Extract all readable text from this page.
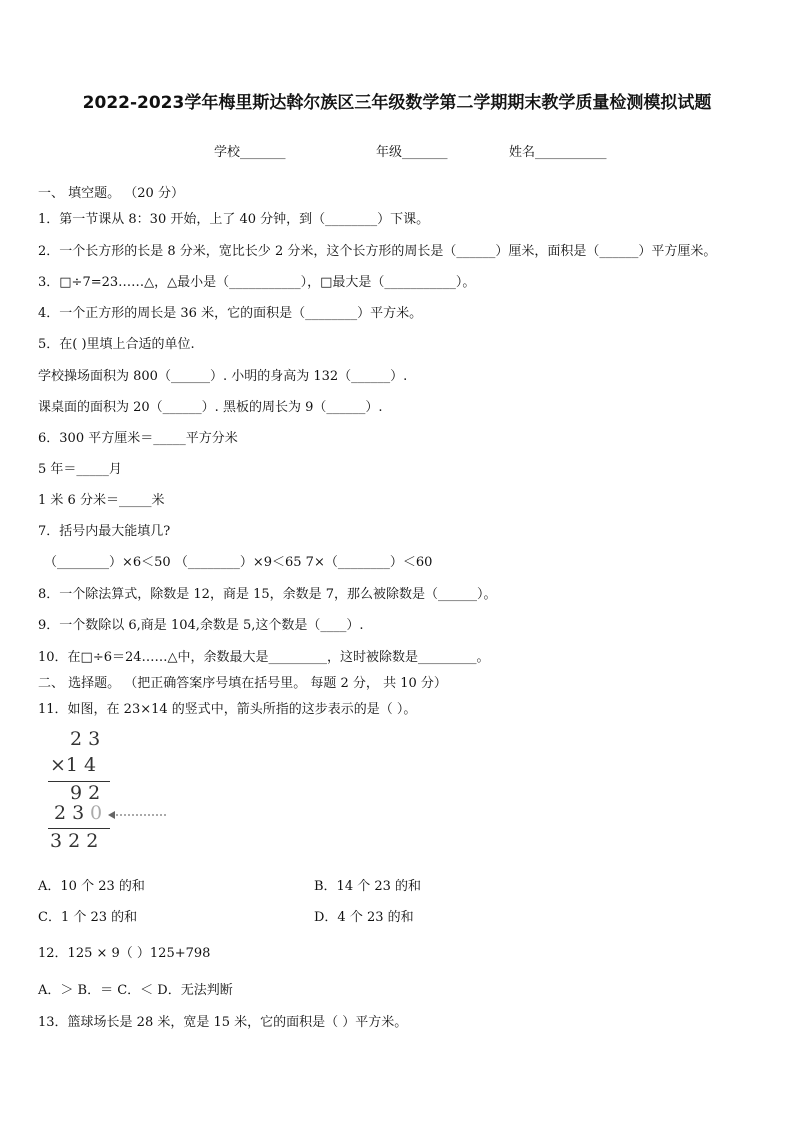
2022-2023学年梅里斯达斡尔族区三年级数学第二学期期末教学质量检测模拟试题
学校_______	年级_______	姓名___________
一、 填空题。 （20 分）
1．第一节课从 8：30 开始，上了 40 分钟，到（________）下课。
2．一个长方形的长是 8 分米，宽比长少 2 分米，这个长方形的周长是（______）厘米，面积是（______）平方厘米。
3．□÷7=23……△，△最小是（___________），□最大是（___________）。
4．一个正方形的周长是 36 米，它的面积是（________）平方米。
5．在( )里填上合适的单位.
学校操场面积为 800（______）. 小明的身高为 132（______）.
课桌面的面积为 20（______）. 黑板的周长为 9（______）.
6．300 平方厘米＝_____平方分米
5 年＝_____月
1 米 6 分米＝_____米
7．括号内最大能填几?
（________）×6＜50 （________）×9＜65 7×（________）＜60
8．一个除法算式，除数是 12，商是 15，余数是 7，那么被除数是（______）。
9．一个数除以 6,商是 104,余数是 5,这个数是（____）.
10．在□÷6＝24……△中，余数最大是_________，这时被除数是_________。
二、 选择题。 （把正确答案序号填在括号里。 每题 2 分， 共 10 分）
11．如图，在 23×14 的竖式中，箭头所指的这步表示的是（ ）。
2 3
×1 4
9 2
2 3 0
3 2 2
A．10 个 23 的和	B．14 个 23 的和
C．1 个 23 的和	D．4 个 23 的和
12．125 × 9（ ）125+798
A．＞ B．＝ C．＜ D．无法判断
13．篮球场长是 28 米，宽是 15 米，它的面积是（ ）平方米。
